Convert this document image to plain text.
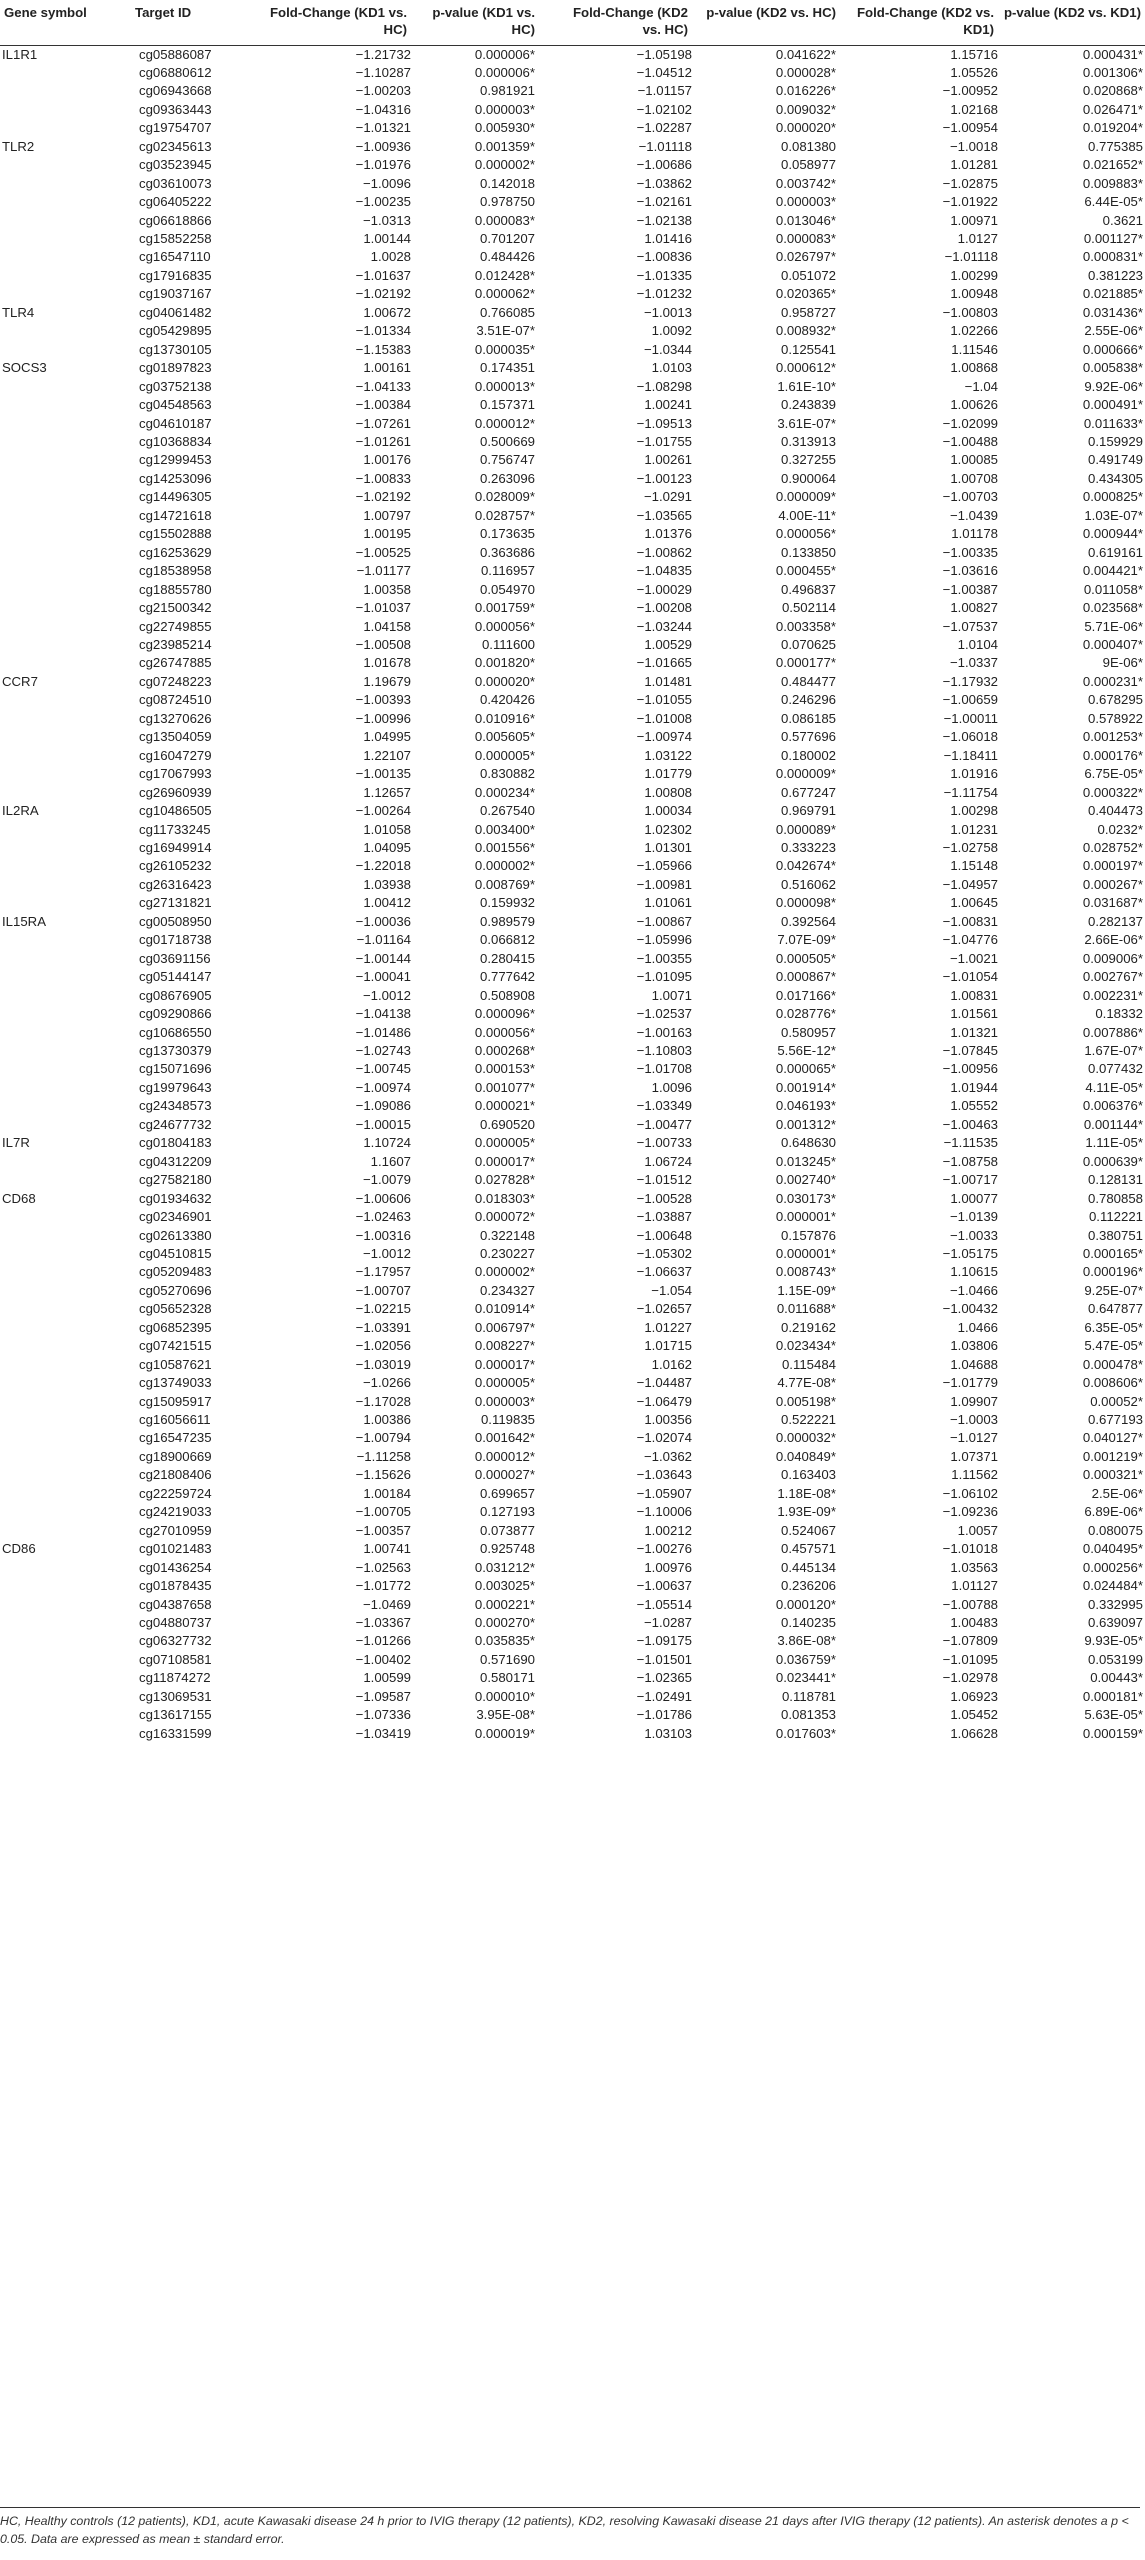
Gene symbol	Target ID	Fold-Change (KD1 vs. HC)	p-value (KD1 vs. HC)	Fold-Change (KD2 vs. HC)	p-value (KD2 vs. HC)	Fold-Change (KD2 vs. KD1)	p-value (KD2 vs. KD1)
IL1R1	cg05886087	−1.21732	0.000006*	−1.05198	0.041622*	1.15716	0.000431*
	cg06880612	−1.10287	0.000006*	−1.04512	0.000028*	1.05526	0.001306*
	cg06943668	−1.00203	0.981921	−1.01157	0.016226*	−1.00952	0.020868*
	cg09363443	−1.04316	0.000003*	−1.02102	0.009032*	1.02168	0.026471*
	cg19754707	−1.01321	0.005930*	−1.02287	0.000020*	−1.00954	0.019204*
TLR2	cg02345613	−1.00936	0.001359*	−1.01118	0.081380	−1.0018	0.775385
	cg03523945	−1.01976	0.000002*	−1.00686	0.058977	1.01281	0.021652*
	cg03610073	−1.0096	0.142018	−1.03862	0.003742*	−1.02875	0.009883*
	cg06405222	−1.00235	0.978750	−1.02161	0.000003*	−1.01922	6.44E-05*
	cg06618866	−1.0313	0.000083*	−1.02138	0.013046*	1.00971	0.3621
	cg15852258	1.00144	0.701207	1.01416	0.000083*	1.0127	0.001127*
	cg16547110	1.0028	0.484426	−1.00836	0.026797*	−1.01118	0.000831*
	cg17916835	−1.01637	0.012428*	−1.01335	0.051072	1.00299	0.381223
	cg19037167	−1.02192	0.000062*	−1.01232	0.020365*	1.00948	0.021885*
TLR4	cg04061482	1.00672	0.766085	−1.0013	0.958727	−1.00803	0.031436*
	cg05429895	−1.01334	3.51E-07*	1.0092	0.008932*	1.02266	2.55E-06*
	cg13730105	−1.15383	0.000035*	−1.0344	0.125541	1.11546	0.000666*
SOCS3	cg01897823	1.00161	0.174351	1.0103	0.000612*	1.00868	0.005838*
	cg03752138	−1.04133	0.000013*	−1.08298	1.61E-10*	−1.04	9.92E-06*
	cg04548563	−1.00384	0.157371	1.00241	0.243839	1.00626	0.000491*
	cg04610187	−1.07261	0.000012*	−1.09513	3.61E-07*	−1.02099	0.011633*
	cg10368834	−1.01261	0.500669	−1.01755	0.313913	−1.00488	0.159929
	cg12999453	1.00176	0.756747	1.00261	0.327255	1.00085	0.491749
	cg14253096	−1.00833	0.263096	−1.00123	0.900064	1.00708	0.434305
	cg14496305	−1.02192	0.028009*	−1.0291	0.000009*	−1.00703	0.000825*
	cg14721618	1.00797	0.028757*	−1.03565	4.00E-11*	−1.0439	1.03E-07*
	cg15502888	1.00195	0.173635	1.01376	0.000056*	1.01178	0.000944*
	cg16253629	−1.00525	0.363686	−1.00862	0.133850	−1.00335	0.619161
	cg18538958	−1.01177	0.116957	−1.04835	0.000455*	−1.03616	0.004421*
	cg18855780	1.00358	0.054970	−1.00029	0.496837	−1.00387	0.011058*
	cg21500342	−1.01037	0.001759*	−1.00208	0.502114	1.00827	0.023568*
	cg22749855	1.04158	0.000056*	−1.03244	0.003358*	−1.07537	5.71E-06*
	cg23985214	−1.00508	0.111600	1.00529	0.070625	1.0104	0.000407*
	cg26747885	1.01678	0.001820*	−1.01665	0.000177*	−1.0337	9E-06*
CCR7	cg07248223	1.19679	0.000020*	1.01481	0.484477	−1.17932	0.000231*
	cg08724510	−1.00393	0.420426	−1.01055	0.246296	−1.00659	0.678295
	cg13270626	−1.00996	0.010916*	−1.01008	0.086185	−1.00011	0.578922
	cg13504059	1.04995	0.005605*	−1.00974	0.577696	−1.06018	0.001253*
	cg16047279	1.22107	0.000005*	1.03122	0.180002	−1.18411	0.000176*
	cg17067993	−1.00135	0.830882	1.01779	0.000009*	1.01916	6.75E-05*
	cg26960939	1.12657	0.000234*	1.00808	0.677247	−1.11754	0.000322*
IL2RA	cg10486505	−1.00264	0.267540	1.00034	0.969791	1.00298	0.404473
	cg11733245	1.01058	0.003400*	1.02302	0.000089*	1.01231	0.0232*
	cg16949914	1.04095	0.001556*	1.01301	0.333223	−1.02758	0.028752*
	cg26105232	−1.22018	0.000002*	−1.05966	0.042674*	1.15148	0.000197*
	cg26316423	1.03938	0.008769*	−1.00981	0.516062	−1.04957	0.000267*
	cg27131821	1.00412	0.159932	1.01061	0.000098*	1.00645	0.031687*
IL15RA	cg00508950	−1.00036	0.989579	−1.00867	0.392564	−1.00831	0.282137
	cg01718738	−1.01164	0.066812	−1.05996	7.07E-09*	−1.04776	2.66E-06*
	cg03691156	−1.00144	0.280415	−1.00355	0.000505*	−1.0021	0.009006*
	cg05144147	−1.00041	0.777642	−1.01095	0.000867*	−1.01054	0.002767*
	cg08676905	−1.0012	0.508908	1.0071	0.017166*	1.00831	0.002231*
	cg09290866	−1.04138	0.000096*	−1.02537	0.028776*	1.01561	0.18332
	cg10686550	−1.01486	0.000056*	−1.00163	0.580957	1.01321	0.007886*
	cg13730379	−1.02743	0.000268*	−1.10803	5.56E-12*	−1.07845	1.67E-07*
	cg15071696	−1.00745	0.000153*	−1.01708	0.000065*	−1.00956	0.077432
	cg19979643	−1.00974	0.001077*	1.0096	0.001914*	1.01944	4.11E-05*
	cg24348573	−1.09086	0.000021*	−1.03349	0.046193*	1.05552	0.006376*
	cg24677732	−1.00015	0.690520	−1.00477	0.001312*	−1.00463	0.001144*
IL7R	cg01804183	1.10724	0.000005*	−1.00733	0.648630	−1.11535	1.11E-05*
	cg04312209	1.1607	0.000017*	1.06724	0.013245*	−1.08758	0.000639*
	cg27582180	−1.0079	0.027828*	−1.01512	0.002740*	−1.00717	0.128131
CD68	cg01934632	−1.00606	0.018303*	−1.00528	0.030173*	1.00077	0.780858
	cg02346901	−1.02463	0.000072*	−1.03887	0.000001*	−1.0139	0.112221
	cg02613380	−1.00316	0.322148	−1.00648	0.157876	−1.0033	0.380751
	cg04510815	−1.0012	0.230227	−1.05302	0.000001*	−1.05175	0.000165*
	cg05209483	−1.17957	0.000002*	−1.06637	0.008743*	1.10615	0.000196*
	cg05270696	−1.00707	0.234327	−1.054	1.15E-09*	−1.0466	9.25E-07*
	cg05652328	−1.02215	0.010914*	−1.02657	0.011688*	−1.00432	0.647877
	cg06852395	−1.03391	0.006797*	1.01227	0.219162	1.0466	6.35E-05*
	cg07421515	−1.02056	0.008227*	1.01715	0.023434*	1.03806	5.47E-05*
	cg10587621	−1.03019	0.000017*	1.0162	0.115484	1.04688	0.000478*
	cg13749033	−1.0266	0.000005*	−1.04487	4.77E-08*	−1.01779	0.008606*
	cg15095917	−1.17028	0.000003*	−1.06479	0.005198*	1.09907	0.00052*
	cg16056611	1.00386	0.119835	1.00356	0.522221	−1.0003	0.677193
	cg16547235	−1.00794	0.001642*	−1.02074	0.000032*	−1.0127	0.040127*
	cg18900669	−1.11258	0.000012*	−1.0362	0.040849*	1.07371	0.001219*
	cg21808406	−1.15626	0.000027*	−1.03643	0.163403	1.11562	0.000321*
	cg22259724	1.00184	0.699657	−1.05907	1.18E-08*	−1.06102	2.5E-06*
	cg24219033	−1.00705	0.127193	−1.10006	1.93E-09*	−1.09236	6.89E-06*
	cg27010959	−1.00357	0.073877	1.00212	0.524067	1.0057	0.080075
CD86	cg01021483	1.00741	0.925748	−1.00276	0.457571	−1.01018	0.040495*
	cg01436254	−1.02563	0.031212*	1.00976	0.445134	1.03563	0.000256*
	cg01878435	−1.01772	0.003025*	−1.00637	0.236206	1.01127	0.024484*
	cg04387658	−1.0469	0.000221*	−1.05514	0.000120*	−1.00788	0.332995
	cg04880737	−1.03367	0.000270*	−1.0287	0.140235	1.00483	0.639097
	cg06327732	−1.01266	0.035835*	−1.09175	3.86E-08*	−1.07809	9.93E-05*
	cg07108581	−1.00402	0.571690	−1.01501	0.036759*	−1.01095	0.053199
	cg11874272	1.00599	0.580171	−1.02365	0.023441*	−1.02978	0.00443*
	cg13069531	−1.09587	0.000010*	−1.02491	0.118781	1.06923	0.000181*
	cg13617155	−1.07336	3.95E-08*	−1.01786	0.081353	1.05452	5.63E-05*
	cg16331599	−1.03419	0.000019*	1.03103	0.017603*	1.06628	0.000159*
HC, Healthy controls (12 patients), KD1, acute Kawasaki disease 24 h prior to IVIG therapy (12 patients), KD2, resolving Kawasaki disease 21 days after IVIG therapy (12 patients). An asterisk denotes a p < 0.05. Data are expressed as mean ± standard error.
